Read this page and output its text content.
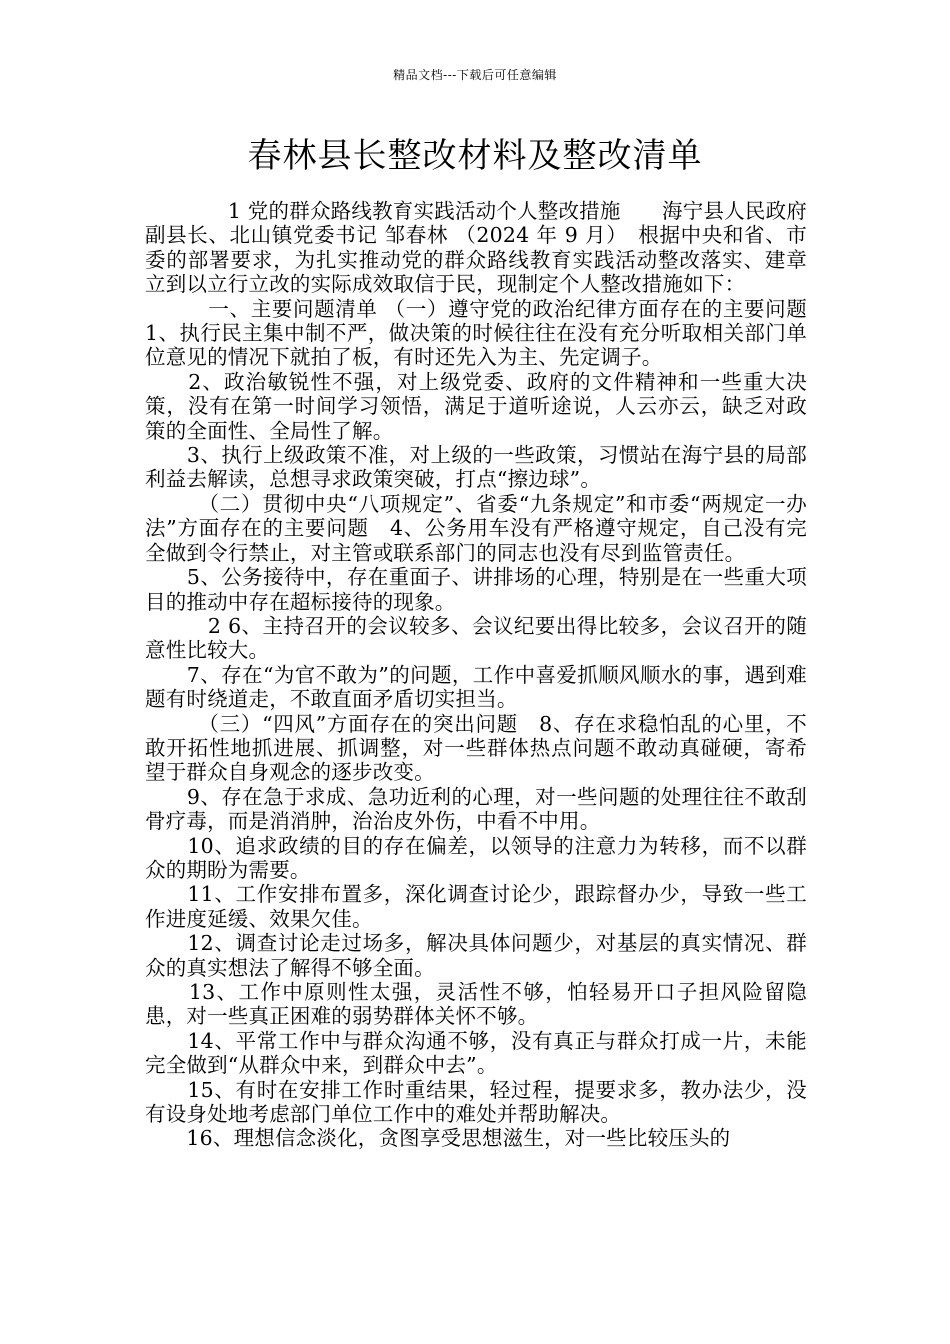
精品文档---下载后可任意编辑
春林县长整改材料及整改清单

　　　　1 党的群众路线教育实践活动个人整改措施　　海宁县人民政府副县长、北山镇党委书记 邹春林 （2024 年 9 月）　根据中央和省、市委的部署要求，为扎实推动党的群众路线教育实践活动整改落实、建章立到以立行立改的实际成效取信于民，现制定个人整改措施如下：

　　　一、主要问题清单 （一）遵守党的政治纪律方面存在的主要问题　1、执行民主集中制不严，做决策的时候往往在没有充分听取相关部门单位意见的情况下就拍了板，有时还先入为主、先定调子。

　　2、政治敏锐性不强，对上级党委、政府的文件精神和一些重大决策，没有在第一时间学习领悟，满足于道听途说，人云亦云，缺乏对政策的全面性、全局性了解。

　　3、执行上级政策不准，对上级的一些政策，习惯站在海宁县的局部利益去解读，总想寻求政策突破，打点“擦边球”。

　　　（二）贯彻中央“八项规定”、省委“九条规定”和市委“两规定一办法”方面存在的主要问题　4、公务用车没有严格遵守规定，自己没有完全做到令行禁止，对主管或联系部门的同志也没有尽到监管责任。

　　5、公务接待中，存在重面子、讲排场的心理，特别是在一些重大项目的推动中存在超标接待的现象。

　　　2 6、主持召开的会议较多、会议纪要出得比较多，会议召开的随意性比较大。

　　7、存在“为官不敢为”的问题，工作中喜爱抓顺风顺水的事，遇到难题有时绕道走，不敢直面矛盾切实担当。

　　　（三）“四风”方面存在的突出问题　8、存在求稳怕乱的心里，不敢开拓性地抓进展、抓调整，对一些群体热点问题不敢动真碰硬，寄希望于群众自身观念的逐步改变。

　　9、存在急于求成、急功近利的心理，对一些问题的处理往往不敢刮骨疗毒，而是消消肿，治治皮外伤，中看不中用。

　　10、追求政绩的目的存在偏差，以领导的注意力为转移，而不以群众的期盼为需要。

　　11、工作安排布置多，深化调查讨论少，跟踪督办少，导致一些工作进度延缓、效果欠佳。

　　12、调查讨论走过场多，解决具体问题少，对基层的真实情况、群众的真实想法了解得不够全面。

　　13、工作中原则性太强，灵活性不够，怕轻易开口子担风险留隐患，对一些真正困难的弱势群体关怀不够。

　　14、平常工作中与群众沟通不够，没有真正与群众打成一片，未能完全做到“从群众中来，到群众中去”。

　　15、有时在安排工作时重结果，轻过程，提要求多，教办法少，没有设身处地考虑部门单位工作中的难处并帮助解决。

　　16、理想信念淡化，贪图享受思想滋生，对一些比较压头的
